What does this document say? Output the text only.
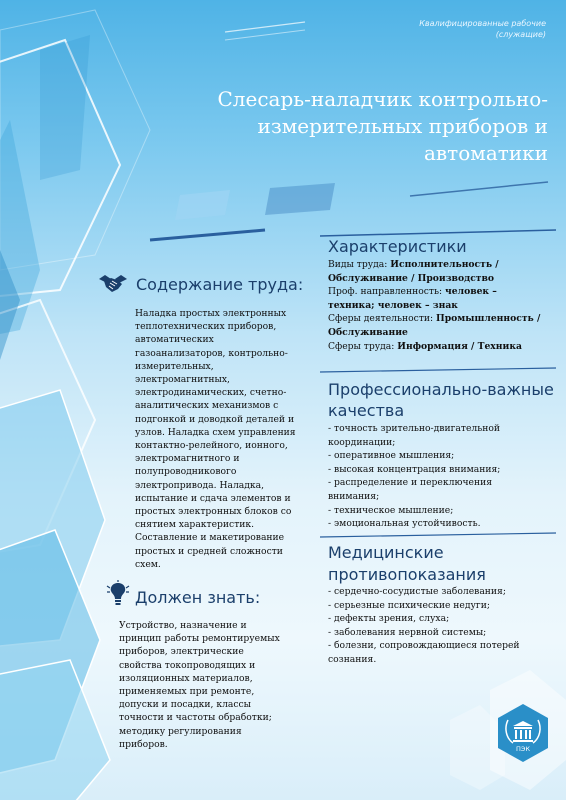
Квалифицированные рабочие
(служащие)
Слесарь-наладчик контрольно-
измерительных приборов и
автоматики
Содержание труда:
Наладка простых электронных
теплотехнических приборов,
автоматических
газоанализаторов, контрольно-
измерительных,
электромагнитных,
электродинамических, счетно-
аналитических механизмов с
подгонкой и доводкой деталей и
узлов. Наладка схем управления
контактно-релейного, ионного,
электромагнитного и
полупроводникового
электропривода. Наладка,
испытание и сдача элементов и
простых электронных блоков со
снятием характеристик.
Составление и макетирование
простых и средней сложности
схем.
Должен знать:
Устройство, назначение и
принцип работы ремонтируемых
приборов, электрические
свойства токопроводящих и
изоляционных материалов,
применяемых при ремонте,
допуски и посадки, классы
точности и частоты обработки;
методику регулирования
приборов.
Характеристики
Виды труда: Исполнительность /
Обслуживание / Производство
Проф. направленность: человек –
техника; человек – знак
Сферы деятельности: Промышленность /
Обслуживание
Сферы труда: Информация / Техника
Профессионально-важные
качества
- точность зрительно-двигательной
координации;
- оперативное мышления;
- высокая концентрация внимания;
- распределение и переключения
внимания;
- техническое мышление;
- эмоциональная устойчивость.
Медицинские
противопоказания
- сердечно-сосудистые заболевания;
- серьезные психические недуги;
- дефекты зрения, слуха;
- заболевания нервной системы;
- болезни, сопровождающиеся потерей
сознания.
ПЭК
